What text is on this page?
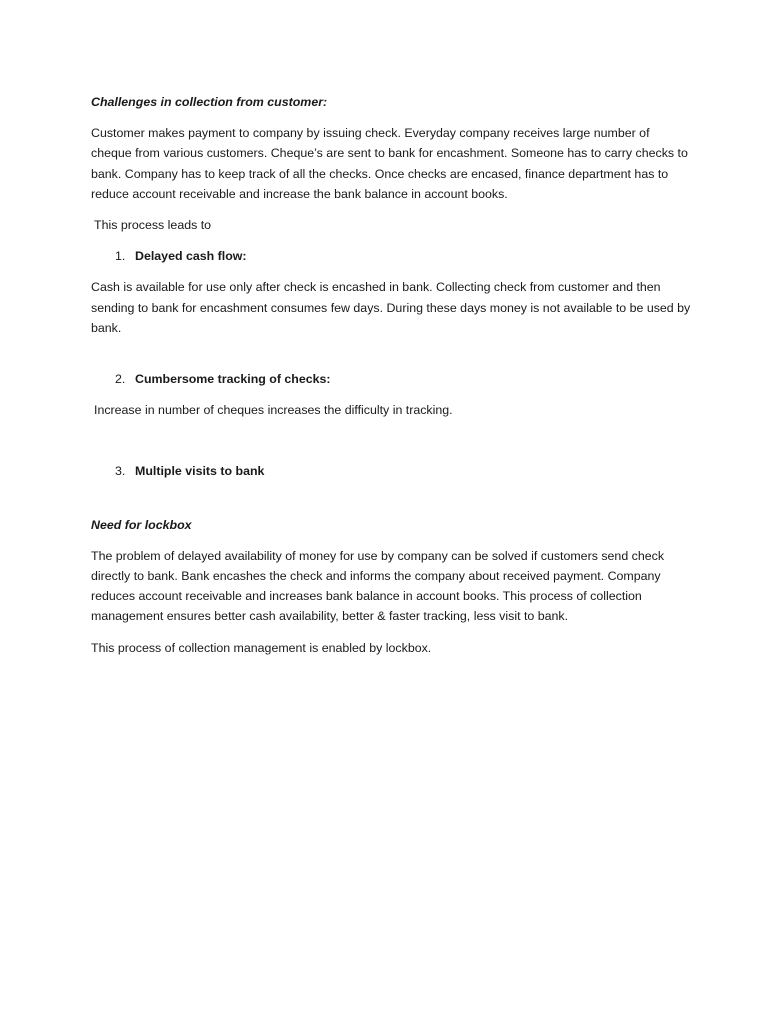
Challenges in collection from customer:

Customer makes payment to company by issuing check. Everyday company receives large number of cheque from various customers. Cheque’s are sent to bank for encashment. Someone has to carry checks to bank. Company has to keep track of all the checks. Once checks are encased, finance department has to reduce account receivable and increase the bank balance in account books.

This process leads to

1. Delayed cash flow:

Cash is available for use only after check is encashed in bank. Collecting check from customer and then sending to bank for encashment consumes few days. During these days money is not available to be used by bank.

2. Cumbersome tracking of checks:

Increase in number of cheques increases the difficulty in tracking.

3. Multiple visits to bank

Need for lockbox

The problem of delayed availability of money for use by company can be solved if customers send check directly to bank. Bank encashes the check and informs the company about received payment. Company reduces account receivable and increases bank balance in account books. This process of collection management ensures better cash availability, better & faster tracking, less visit to bank.

This process of collection management is enabled by lockbox.
